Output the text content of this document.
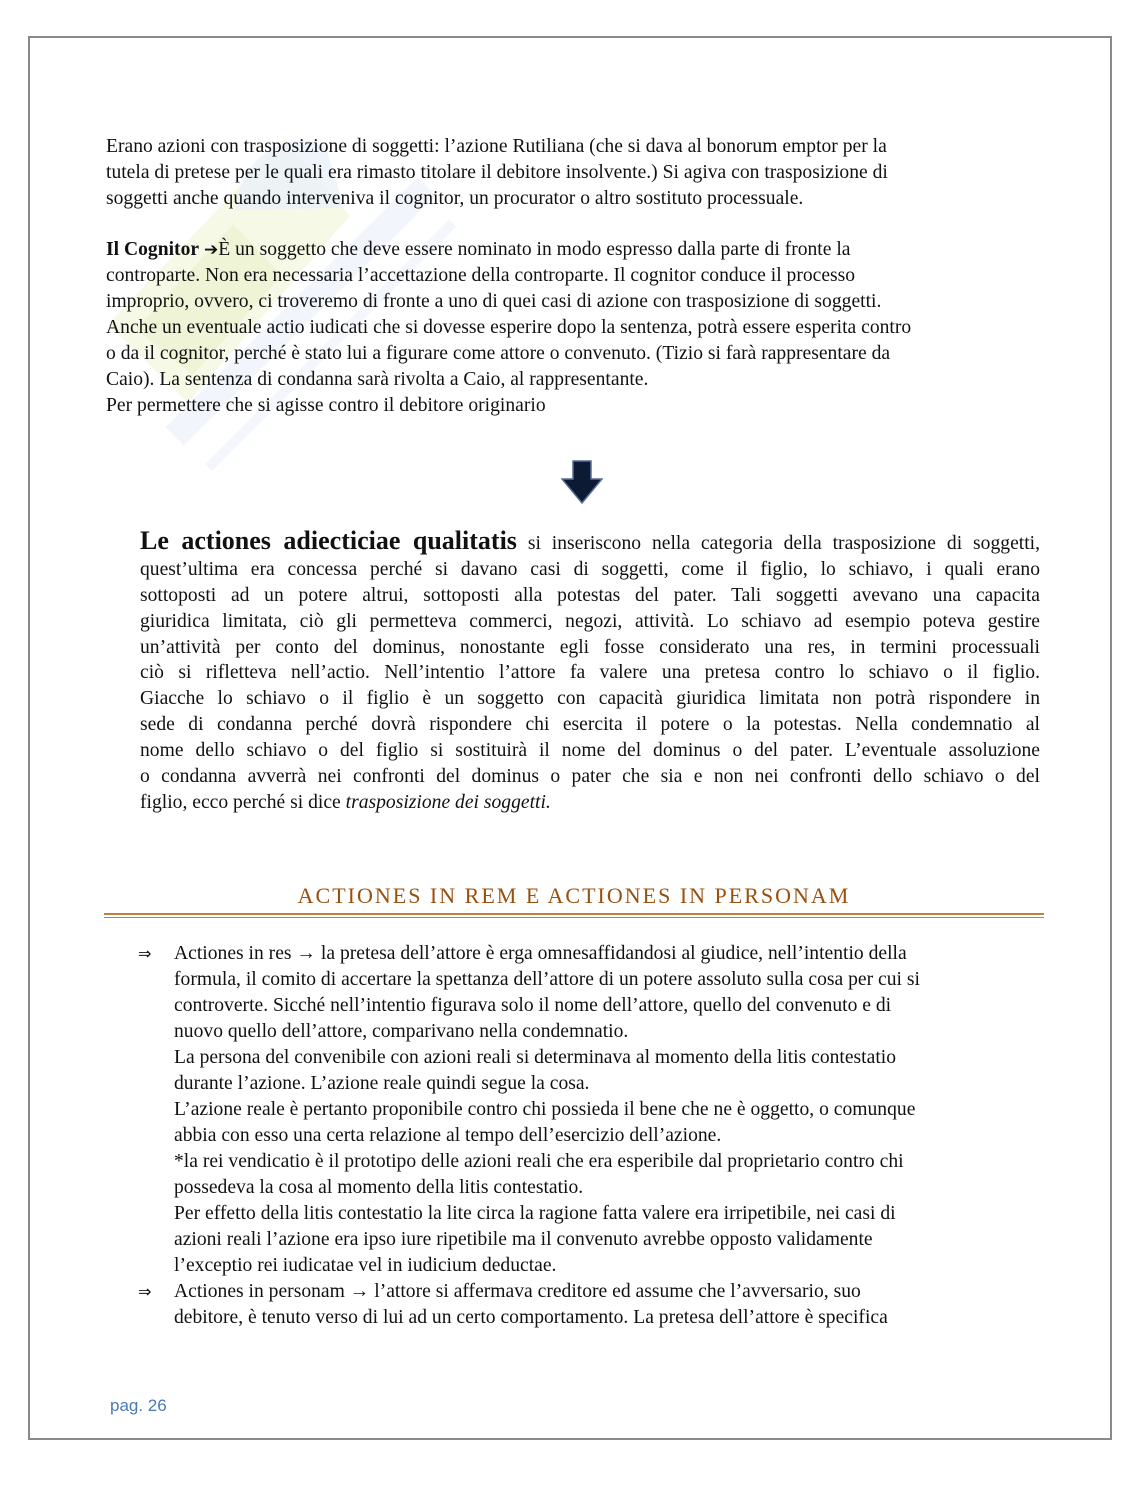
Erano azioni con trasposizione di soggetti: l’azione Rutiliana (che si dava al bonorum emptor per la
tutela di pretese per le quali era rimasto titolare il debitore insolvente.) Si agiva con trasposizione di
soggetti anche quando interveniva il cognitor, un procurator o altro sostituto processuale.
Il Cognitor ➔È un soggetto che deve essere nominato in modo espresso dalla parte di fronte la
controparte. Non era necessaria l’accettazione della controparte. Il cognitor conduce il processo
improprio, ovvero, ci troveremo di fronte a uno di quei casi di azione con trasposizione di soggetti.
Anche un eventuale actio iudicati che si dovesse esperire dopo la sentenza, potrà essere esperita contro
o da il cognitor, perché è stato lui a figurare come attore o convenuto. (Tizio si farà rappresentare da
Caio). La sentenza di condanna sarà rivolta a Caio, al rappresentante.
Per permettere che si agisse contro il debitore originario
Le actiones adiecticiae qualitatis si inseriscono nella categoria della trasposizione di soggetti,
quest’ultima era concessa perché si davano casi di soggetti, come il figlio, lo schiavo, i quali erano
sottoposti ad un potere altrui, sottoposti alla potestas del pater. Tali soggetti avevano una capacita
giuridica limitata, ciò gli permetteva commerci, negozi, attività. Lo schiavo ad esempio poteva gestire
un’attività per conto del dominus, nonostante egli fosse considerato una res, in termini processuali
ciò si rifletteva nell’actio. Nell’intentio l’attore fa valere una pretesa contro lo schiavo o il figlio.
Giacche lo schiavo o il figlio è un soggetto con capacità giuridica limitata non potrà rispondere in
sede di condanna perché dovrà rispondere chi esercita il potere o la potestas. Nella condemnatio al
nome dello schiavo o del figlio si sostituirà il nome del dominus o del pater. L’eventuale assoluzione
o condanna avverrà nei confronti del dominus o pater che sia e non nei confronti dello schiavo o del
figlio, ecco perché si dice trasposizione dei soggetti.
ACTIONES IN REM E ACTIONES IN PERSONAM
⇒ Actiones in res → la pretesa dell’attore è erga omnesaffidandosi al giudice, nell’intentio della
formula, il comito di accertare la spettanza dell’attore di un potere assoluto sulla cosa per cui si
controverte. Sicché nell’intentio figurava solo il nome dell’attore, quello del convenuto e di
nuovo quello dell’attore, comparivano nella condemnatio.
La persona del convenibile con azioni reali si determinava al momento della litis contestatio
durante l’azione. L’azione reale quindi segue la cosa.
L’azione reale è pertanto proponibile contro chi possieda il bene che ne è oggetto, o comunque
abbia con esso una certa relazione al tempo dell’esercizio dell’azione.
*la rei vendicatio è il prototipo delle azioni reali che era esperibile dal proprietario contro chi
possedeva la cosa al momento della litis contestatio.
Per effetto della litis contestatio la lite circa la ragione fatta valere era irripetibile, nei casi di
azioni reali l’azione era ipso iure ripetibile ma il convenuto avrebbe opposto validamente
l’exceptio rei iudicatae vel in iudicium deductae.
⇒ Actiones in personam → l’attore si affermava creditore ed assume che l’avversario, suo
debitore, è tenuto verso di lui ad un certo comportamento. La pretesa dell’attore è specifica
pag. 26
